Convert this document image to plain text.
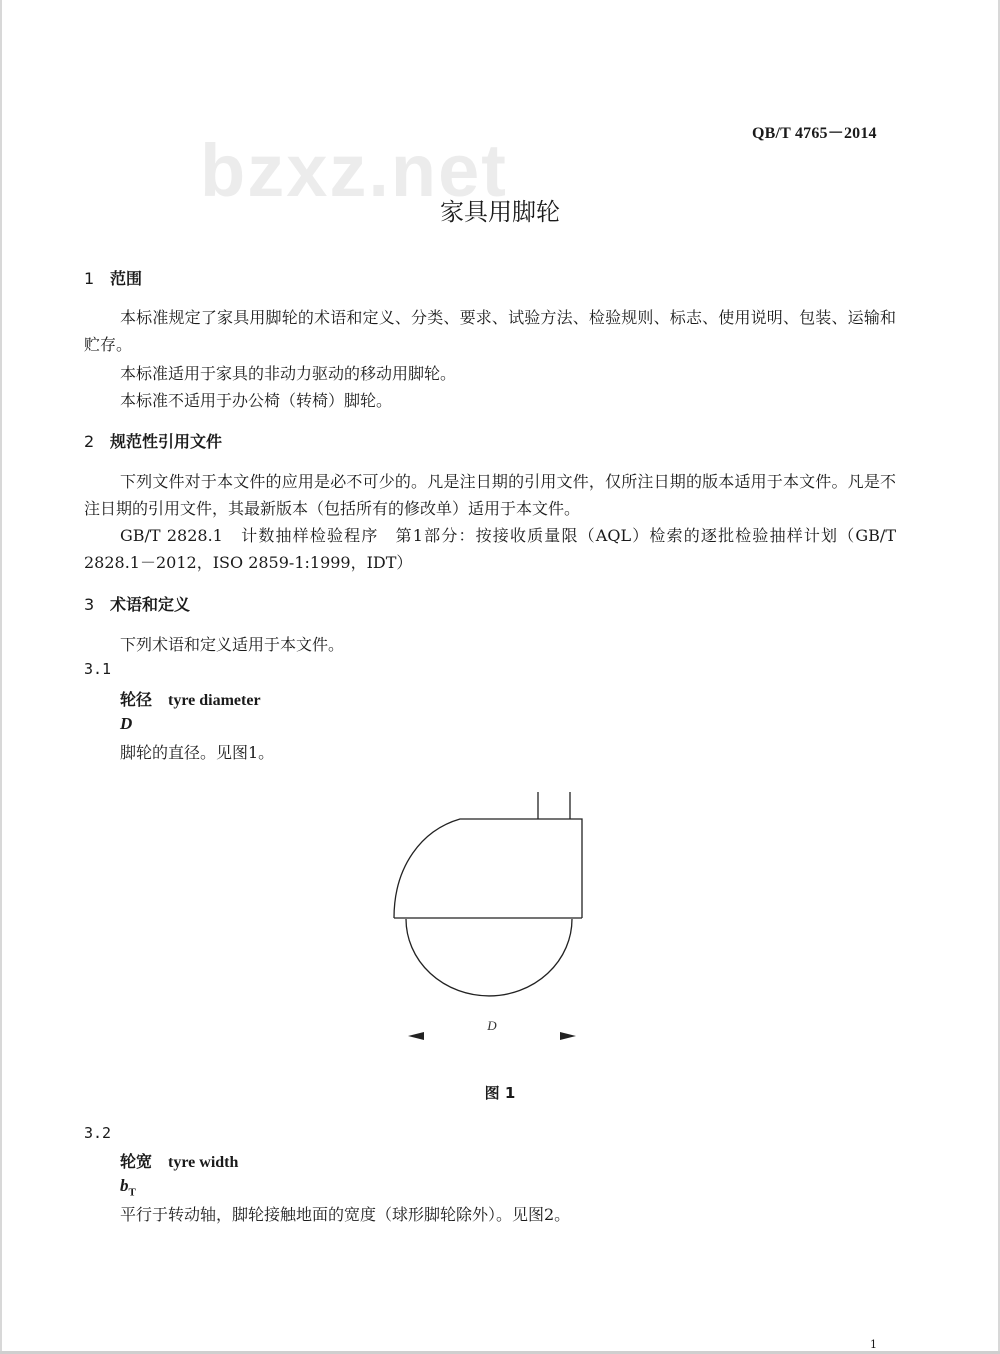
bzxz.net	QB/T 4765－2014
家具用脚轮
1 范围
本标准规定了家具用脚轮的术语和定义、分类、要求、试验方法、检验规则、标志、使用说明、包装、运输和贮存。
本标准适用于家具的非动力驱动的移动用脚轮。
本标准不适用于办公椅（转椅）脚轮。
2 规范性引用文件
下列文件对于本文件的应用是必不可少的。凡是注日期的引用文件，仅所注日期的版本适用于本文件。凡是不注日期的引用文件，其最新版本（包括所有的修改单）适用于本文件。
GB/T 2828.1　计数抽样检验程序　第1部分：按接收质量限（AQL）检索的逐批检验抽样计划（GB/T 2828.1－2012，ISO 2859-1:1999，IDT）
3 术语和定义
下列术语和定义适用于本文件。
3.1
轮径 tyre diameter
D
脚轮的直径。见图1。
D
图 1
3.2
轮宽 tyre width
$b_T$
平行于转动轴，脚轮接触地面的宽度（球形脚轮除外）。见图2。
1
